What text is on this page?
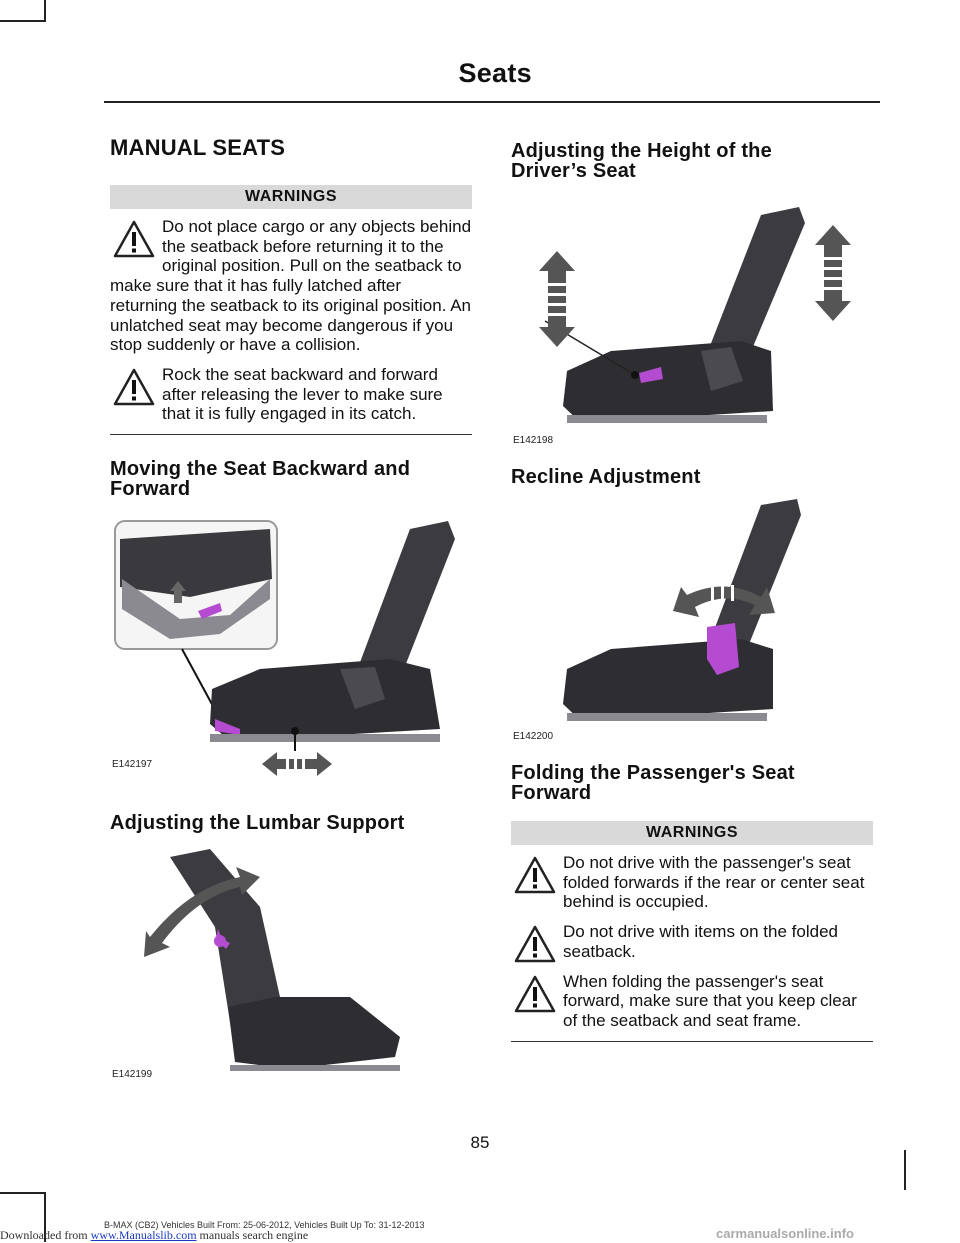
Seats
MANUAL SEATS
WARNINGS
Do not place cargo or any objects behind the seatback before returning it to the original position. Pull on the seatback to make sure that it has fully latched after returning the seatback to its original position. An unlatched seat may become dangerous if you stop suddenly or have a collision.
Rock the seat backward and forward after releasing the lever to make sure that it is fully engaged in its catch.
Moving the Seat Backward and
Forward
E142197
Adjusting the Lumbar Support
E142199
Adjusting the Height of the
Driver’s Seat
E142198
Recline Adjustment
E142200
Folding the Passenger's Seat
Forward
WARNINGS
Do not drive with the passenger's seat folded forwards if the rear or center seat behind is occupied.
Do not drive with items on the folded seatback.
When folding the passenger's seat forward, make sure that you keep clear of the seatback and seat frame.
85
B-MAX (CB2) Vehicles Built From: 25-06-2012, Vehicles Built Up To: 31-12-2013
Downloaded from www.Manualslib.com manuals search engine	carmanualsonline.info
